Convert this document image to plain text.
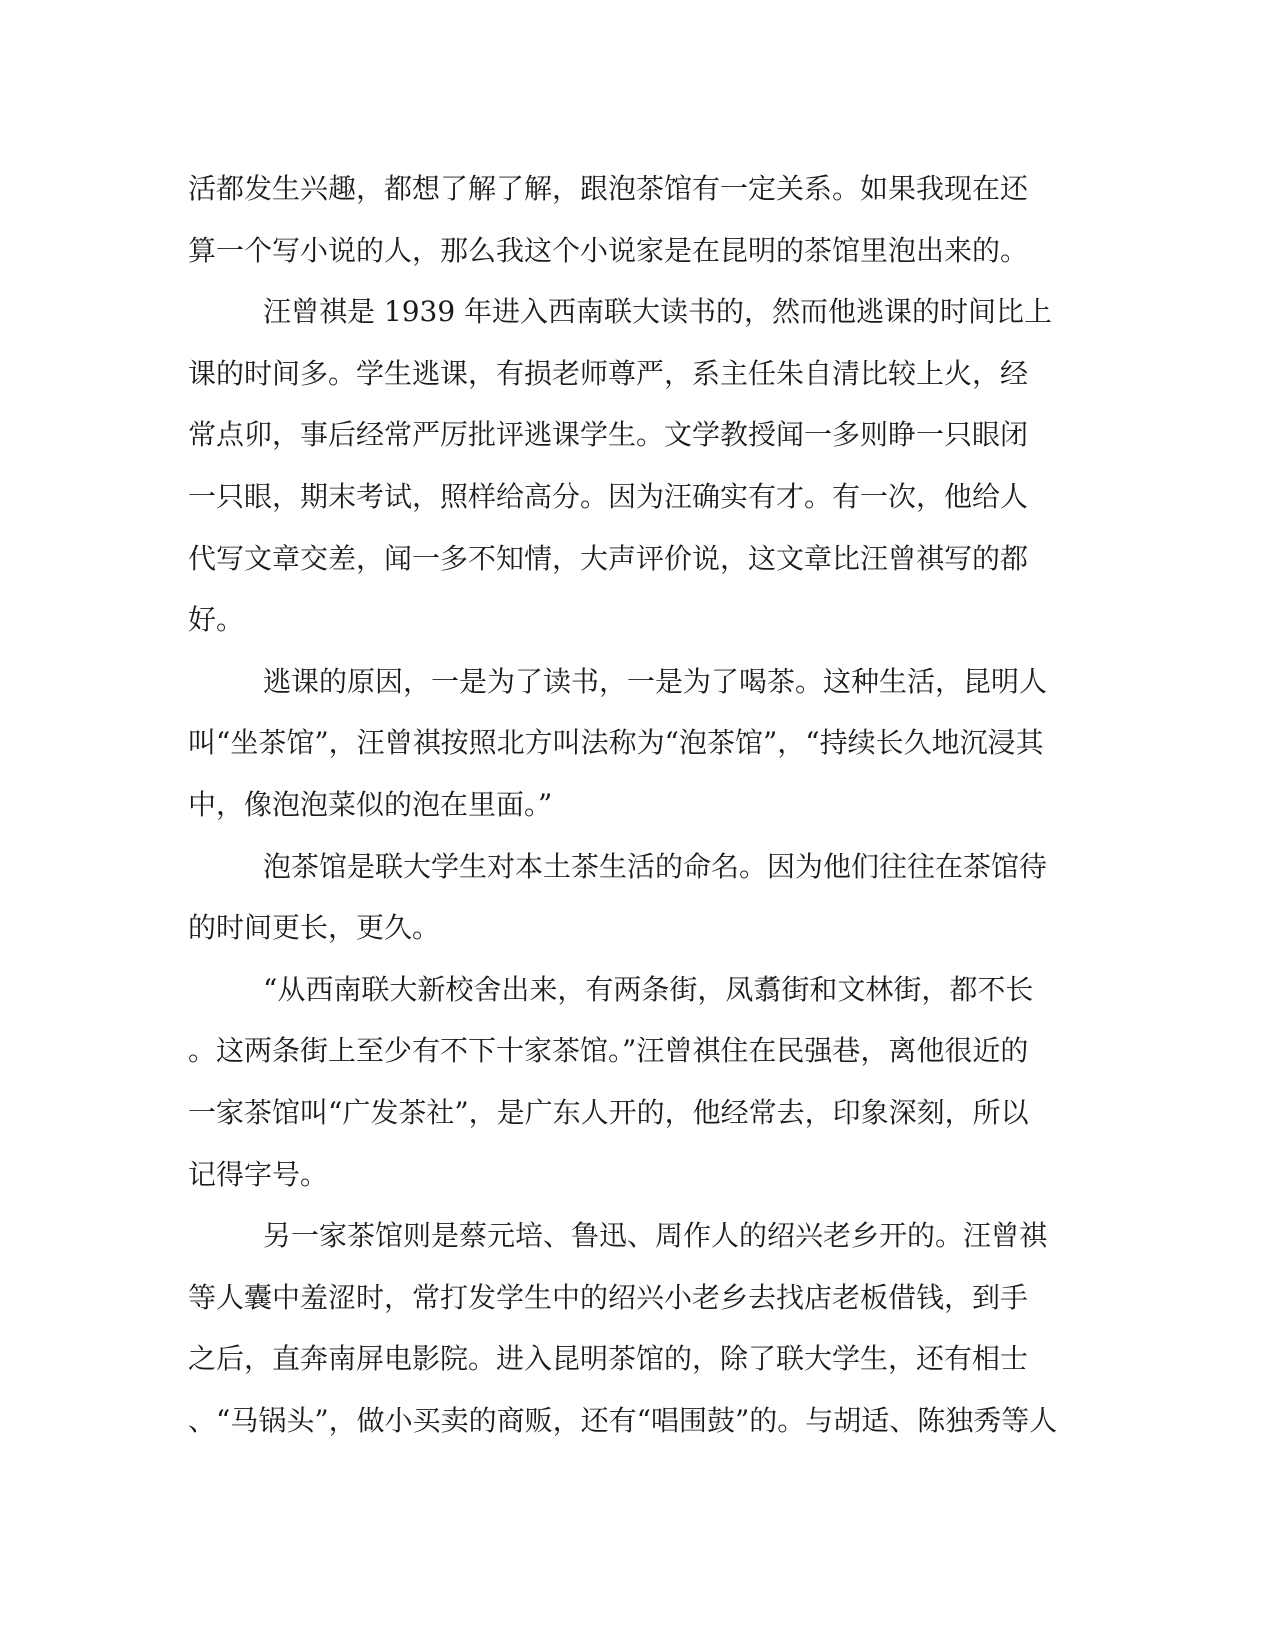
活都发生兴趣，都想了解了解，跟泡茶馆有一定关系。如果我现在还
算一个写小说的人，那么我这个小说家是在昆明的茶馆里泡出来的。
汪曾祺是 1939 年进入西南联大读书的，然而他逃课的时间比上
课的时间多。学生逃课，有损老师尊严，系主任朱自清比较上火，经
常点卯，事后经常严厉批评逃课学生。文学教授闻一多则睁一只眼闭
一只眼，期末考试，照样给高分。因为汪确实有才。有一次，他给人
代写文章交差，闻一多不知情，大声评价说，这文章比汪曾祺写的都
好。
逃课的原因，一是为了读书，一是为了喝茶。这种生活，昆明人
叫“坐茶馆”，汪曾祺按照北方叫法称为“泡茶馆”，“持续长久地沉浸其
中，像泡泡菜似的泡在里面。”
泡茶馆是联大学生对本土茶生活的命名。因为他们往往在茶馆待
的时间更长，更久。
“从西南联大新校舍出来，有两条街，凤翥街和文林街，都不长
。这两条街上至少有不下十家茶馆。”汪曾祺住在民强巷，离他很近的
一家茶馆叫“广发茶社”，是广东人开的，他经常去，印象深刻，所以
记得字号。
另一家茶馆则是蔡元培、鲁迅、周作人的绍兴老乡开的。汪曾祺
等人囊中羞涩时，常打发学生中的绍兴小老乡去找店老板借钱，到手
之后，直奔南屏电影院。进入昆明茶馆的，除了联大学生，还有相士
、“马锅头”，做小买卖的商贩，还有“唱围鼓”的。与胡适、陈独秀等人
